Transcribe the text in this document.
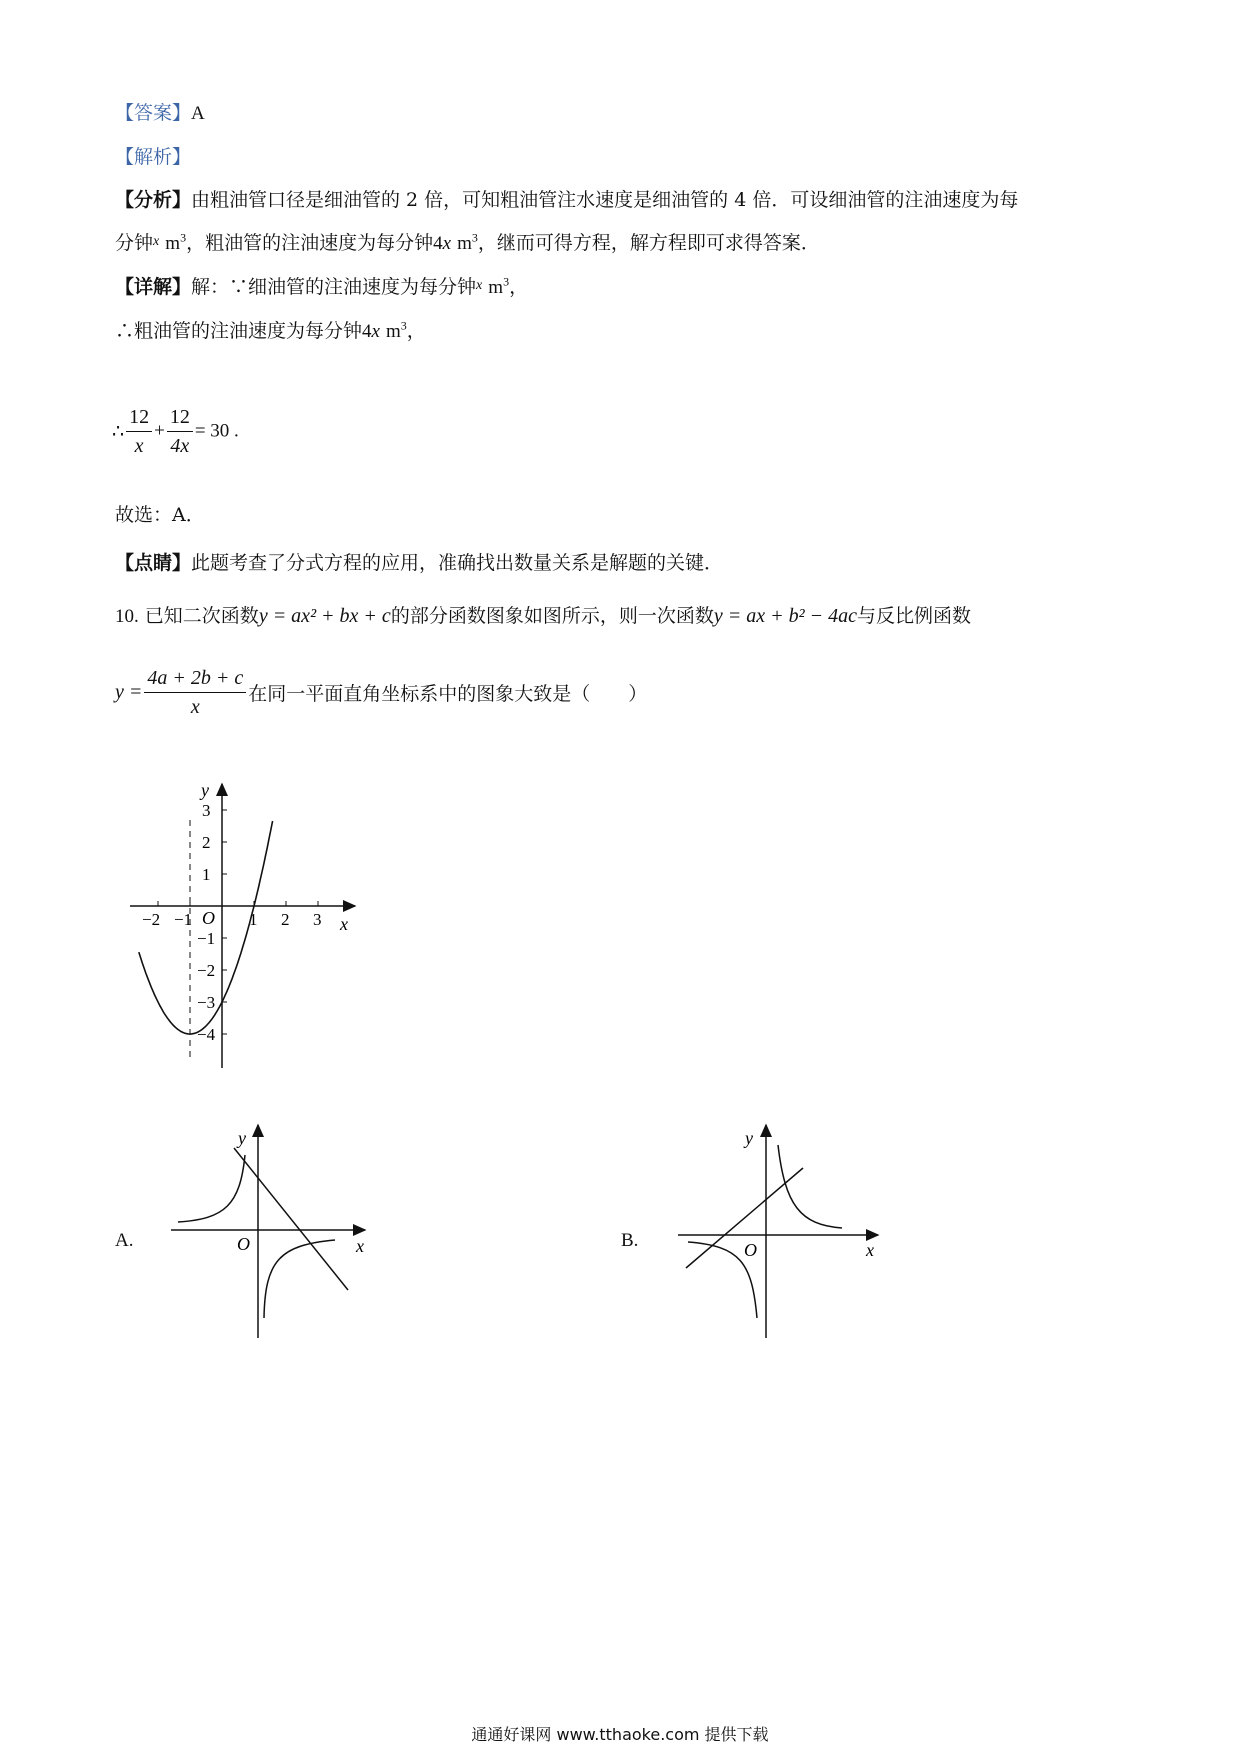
【答案】A
【解析】
【分析】由粗油管口径是细油管的 2 倍，可知粗油管注水速度是细油管的 4 倍．可设细油管的注油速度为每
分钟$^x$ $m^3$，粗油管的注油速度为每分钟4x $m^3$，继而可得方程，解方程即可求得答案．
【详解】解：∵细油管的注油速度为每分钟$^x$ $m^3$，
∴粗油管的注油速度为每分钟4x $m^3$，
∴ $\frac{12}{x} + \frac{12}{4x} = 30$ .
故选：A．
【点睛】此题考查了分式方程的应用，准确找出数量关系是解题的关键．
10. 已知二次函数y = ax² + bx + c的部分函数图象如图所示，则一次函数y = ax + b² − 4ac与反比例函数
$y = \frac{4a + 2b + c}{x}$ 在同一平面直角坐标系中的图象大致是（　　）
−2 −1	1 2 3
3
2
1
−1
−2
−3
−4
O	x
y
A.	O	x
y
B.	O	x
y
通通好课网 www.tthaoke.com 提供下载
